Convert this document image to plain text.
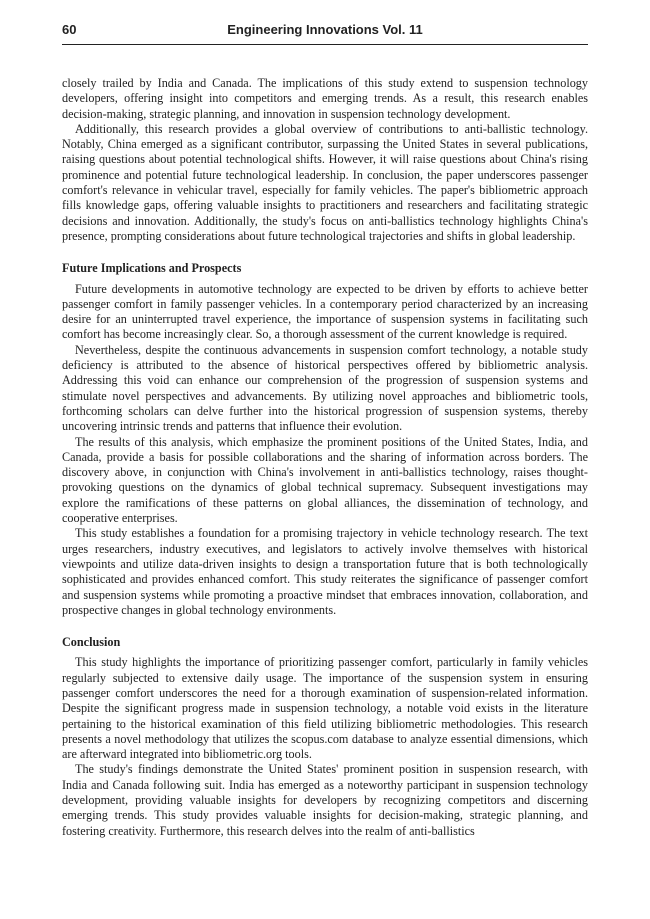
60	Engineering Innovations Vol. 11

closely trailed by India and Canada. The implications of this study extend to suspension technology developers, offering insight into competitors and emerging trends. As a result, this research enables decision-making, strategic planning, and innovation in suspension technology development.

Additionally, this research provides a global overview of contributions to anti-ballistic technology. Notably, China emerged as a significant contributor, surpassing the United States in several publications, raising questions about potential technological shifts. However, it will raise questions about China's rising prominence and potential future technological leadership. In conclusion, the paper underscores passenger comfort's relevance in vehicular travel, especially for family vehicles. The paper's bibliometric approach fills knowledge gaps, offering valuable insights to practitioners and researchers and facilitating strategic decisions and innovation. Additionally, the study's focus on anti-ballistics technology highlights China's presence, prompting considerations about future technological trajectories and shifts in global leadership.

Future Implications and Prospects

Future developments in automotive technology are expected to be driven by efforts to achieve better passenger comfort in family passenger vehicles. In a contemporary period characterized by an increasing desire for an uninterrupted travel experience, the importance of suspension systems in facilitating such comfort has become increasingly clear. So, a thorough assessment of the current knowledge is required.

Nevertheless, despite the continuous advancements in suspension comfort technology, a notable study deficiency is attributed to the absence of historical perspectives offered by bibliometric analysis. Addressing this void can enhance our comprehension of the progression of suspension systems and stimulate novel perspectives and advancements. By utilizing novel approaches and bibliometric tools, forthcoming scholars can delve further into the historical progression of suspension systems, thereby uncovering intrinsic trends and patterns that influence their evolution.

The results of this analysis, which emphasize the prominent positions of the United States, India, and Canada, provide a basis for possible collaborations and the sharing of information across borders. The discovery above, in conjunction with China's involvement in anti-ballistics technology, raises thought-provoking questions on the dynamics of global technical supremacy. Subsequent investigations may explore the ramifications of these patterns on global alliances, the dissemination of technology, and cooperative enterprises.

This study establishes a foundation for a promising trajectory in vehicle technology research. The text urges researchers, industry executives, and legislators to actively involve themselves with historical viewpoints and utilize data-driven insights to design a transportation future that is both technologically sophisticated and provides enhanced comfort. This study reiterates the significance of passenger comfort and suspension systems while promoting a proactive mindset that embraces innovation, collaboration, and prospective changes in global technology environments.

Conclusion

This study highlights the importance of prioritizing passenger comfort, particularly in family vehicles regularly subjected to extensive daily usage. The importance of the suspension system in ensuring passenger comfort underscores the need for a thorough examination of suspension-related information. Despite the significant progress made in suspension technology, a notable void exists in the literature pertaining to the historical examination of this field utilizing bibliometric methodologies. This research presents a novel methodology that utilizes the scopus.com database to analyze essential dimensions, which are afterward integrated into bibliometric.org tools.

The study's findings demonstrate the United States' prominent position in suspension research, with India and Canada following suit. India has emerged as a noteworthy participant in suspension technology development, providing valuable insights for developers by recognizing competitors and discerning emerging trends. This study provides valuable insights for decision-making, strategic planning, and fostering creativity. Furthermore, this research delves into the realm of anti-ballistics
